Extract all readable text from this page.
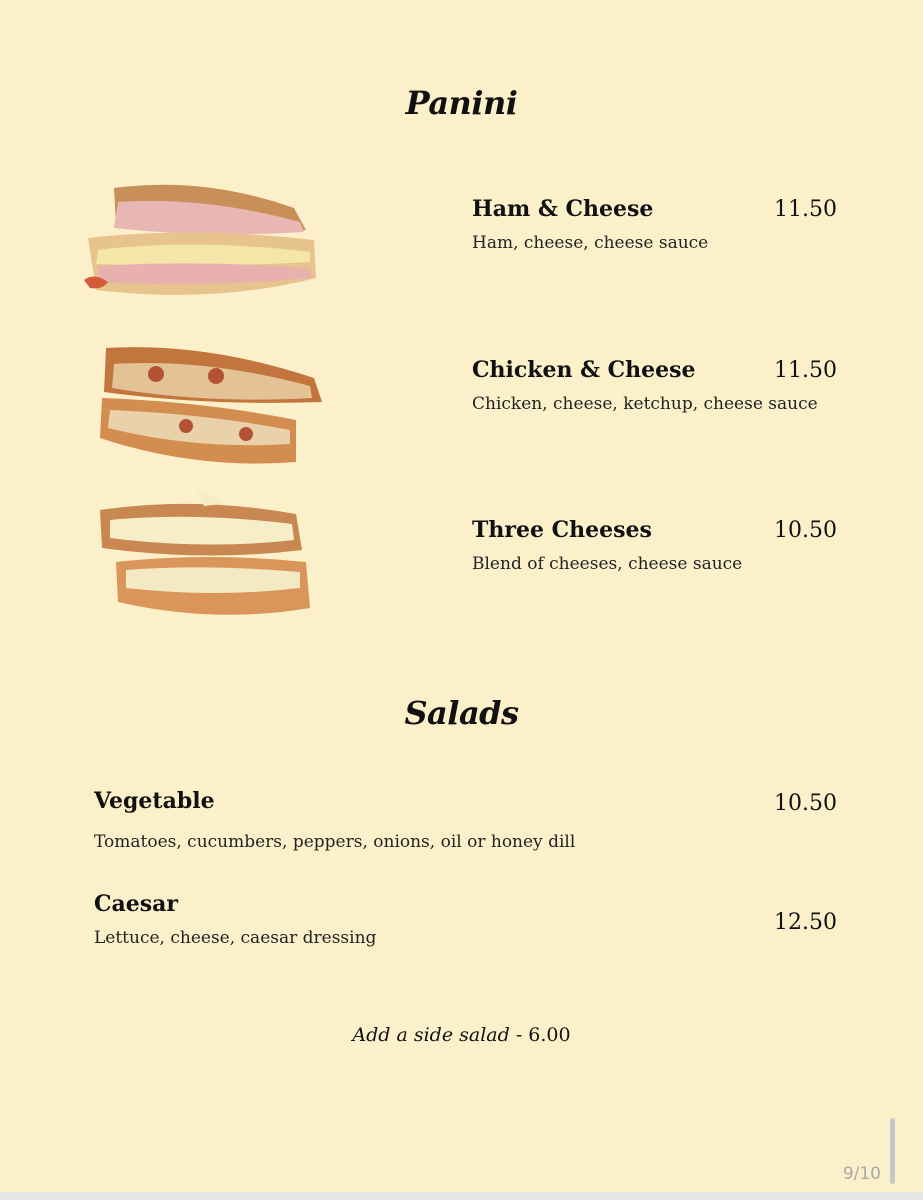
Panini
Ham & Cheese	11.50
Ham, cheese, cheese sauce
Chicken & Cheese	11.50
Chicken, cheese, ketchup, cheese sauce
Three Cheeses	10.50
Blend of cheeses, cheese sauce
Salads
Vegetable	10.50
Tomatoes, cucumbers, peppers, onions, oil or honey dill
Caesar
12.50
Lettuce, cheese, caesar dressing
Add a side salad - 6.00
9/10
